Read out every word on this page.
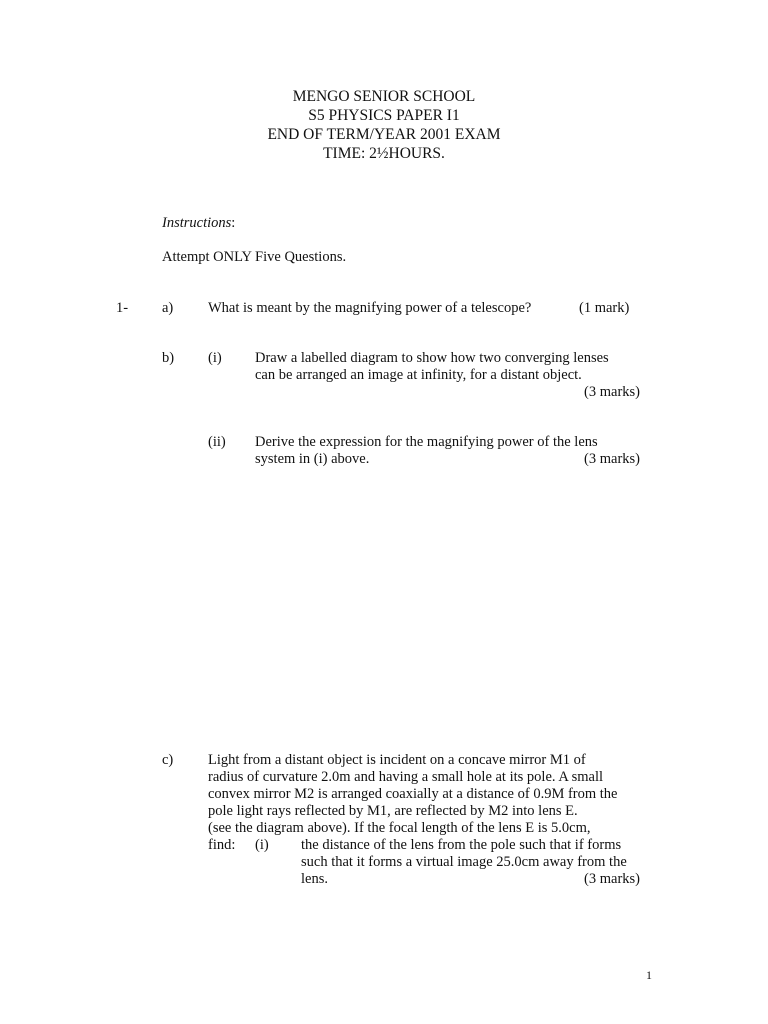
MENGO SENIOR SCHOOL
S5 PHYSICS PAPER I1
END OF TERM/YEAR 2001 EXAM
TIME: 2½HOURS.
Instructions:
Attempt ONLY Five Questions.
1- a) What is meant by the magnifying power of a telescope?	(1 mark)
b) (i) Draw a labelled diagram to show how two converging lenses
can be arranged an image at infinity, for a distant object.
(3 marks)
(ii) Derive the expression for the magnifying power of the lens
system in (i) above.	(3 marks)
c) Light from a distant object is incident on a concave mirror M1 of
radius of curvature 2.0m and having a small hole at its pole. A small
convex mirror M2 is arranged coaxially at a distance of 0.9M from the
pole light rays reflected by M1, are reflected by M2 into lens E.
(see the diagram above). If the focal length of the lens E is 5.0cm,
find: (i) the distance of the lens from the pole such that if forms
such that it forms a virtual image 25.0cm away from the
lens.	(3 marks)
1
